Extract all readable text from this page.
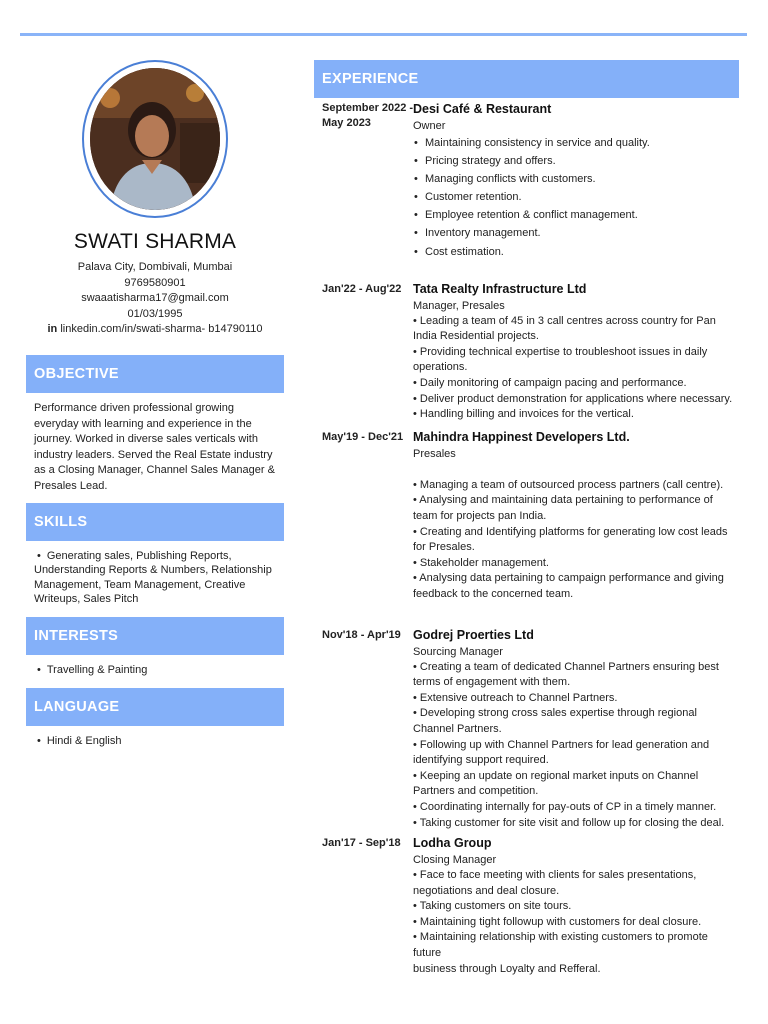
SWATI SHARMA
Palava City, Dombivali, Mumbai
9769580901
swaaatisharma17@gmail.com
01/03/1995
in linkedin.com/in/swati-sharma- b14790110
OBJECTIVE
Performance driven professional growing everyday with learning and experience in the journey. Worked in diverse sales verticals with industry leaders. Served the Real Estate industry as a Closing Manager, Channel Sales Manager & Presales Lead.
SKILLS
• Generating sales, Publishing Reports, Understanding Reports & Numbers, Relationship Management, Team Management, Creative Writeups, Sales Pitch
INTERESTS
• Travelling & Painting
LANGUAGE
• Hindi & English
EXPERIENCE
September 2022 - May 2023
Desi Café & Restaurant
Owner
• Maintaining consistency in service and quality.
• Pricing strategy and offers.
• Managing conflicts with customers.
• Customer retention.
• Employee retention & conflict management.
• Inventory management.
• Cost estimation.
Jan'22 - Aug'22 Tata Realty Infrastructure Ltd
Manager, Presales
• Leading a team of 45 in 3 call centres across country for Pan India Residential projects.
• Providing technical expertise to troubleshoot issues in daily operations.
• Daily monitoring of campaign pacing and performance.
• Deliver product demonstration for applications where necessary.
• Handling billing and invoices for the vertical.
May'19 - Dec'21 Mahindra Happinest Developers Ltd.
Presales
• Managing a team of outsourced process partners (call centre).
• Analysing and maintaining data pertaining to performance of team for projects pan India.
• Creating and Identifying platforms for generating low cost leads for Presales.
• Stakeholder management.
• Analysing data pertaining to campaign performance and giving feedback to the concerned team.
Nov'18 - Apr'19 Godrej Proerties Ltd
Sourcing Manager
• Creating a team of dedicated Channel Partners ensuring best terms of engagement with them.
• Extensive outreach to Channel Partners.
• Developing strong cross sales expertise through regional Channel Partners.
• Following up with Channel Partners for lead generation and identifying support required.
• Keeping an update on regional market inputs on Channel Partners and competition.
• Coordinating internally for pay-outs of CP in a timely manner.
• Taking customer for site visit and follow up for closing the deal.
Jan'17 - Sep'18 Lodha Group
Closing Manager
• Face to face meeting with clients for sales presentations, negotiations and deal closure.
• Taking customers on site tours.
• Maintaining tight followup with customers for deal closure.
• Maintaining relationship with existing customers to promote future
business through Loyalty and Refferal.
